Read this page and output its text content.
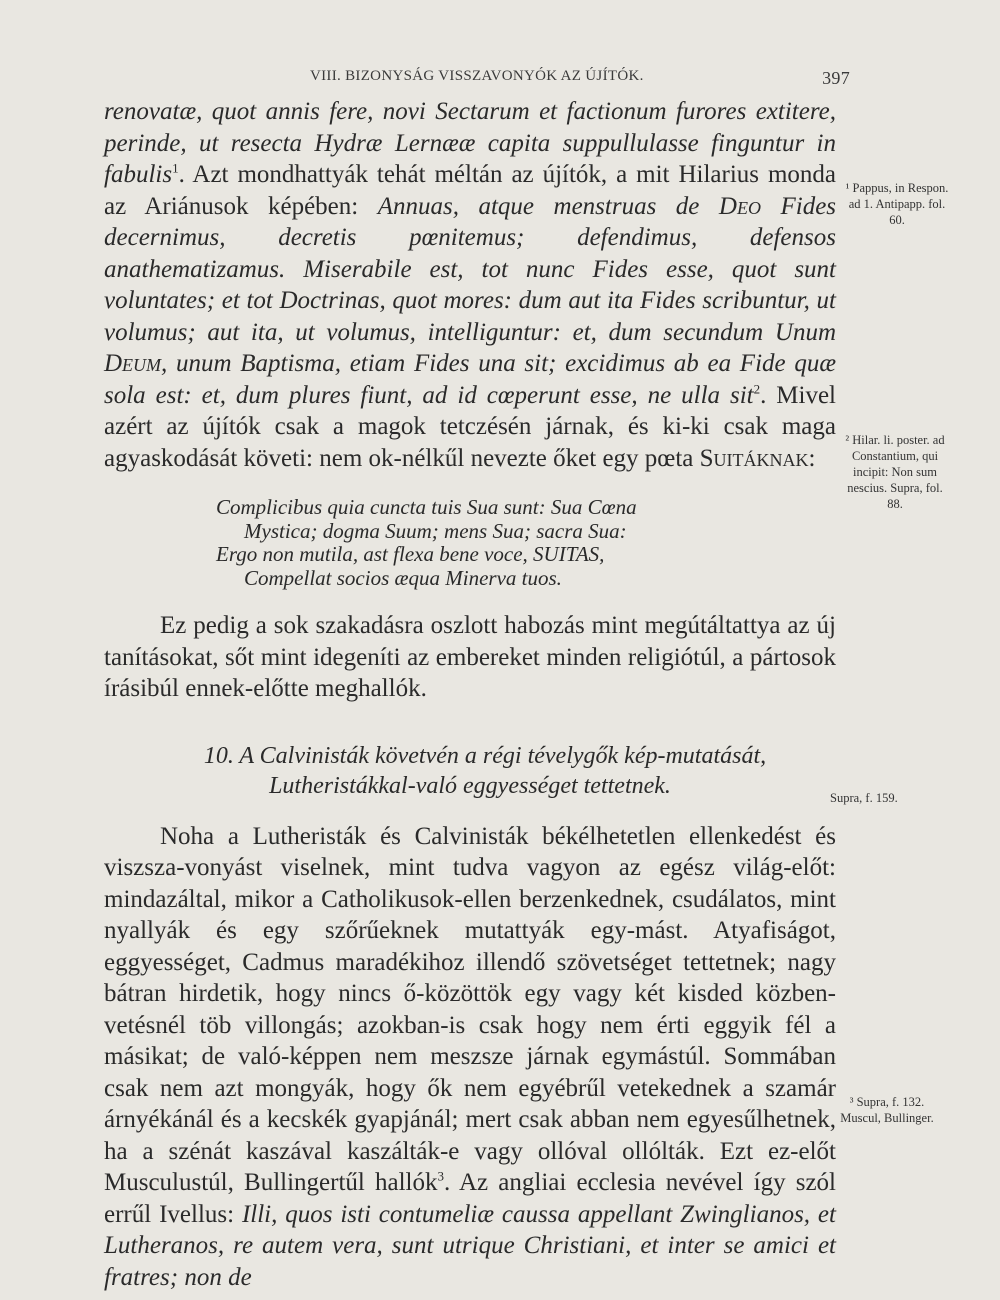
VIII. BIZONYSÁG VISSZAVONYÓK AZ ÚJÍTÓK.	397

renovatæ, quot annis fere, novi Sectarum et factionum furores extitere, perinde, ut resecta Hydræ Lernææ capita suppullulasse finguntur in fabulis$^1$. Azt mondhattyák tehát méltán az újítók, a mit Hilarius monda az Ariánusok képében: Annuas, atque menstruas de Deo Fides decernimus, decretis pœnitemus; defendimus, defensos anathematizamus. Miserabile est, tot nunc Fides esse, quot sunt voluntates; et tot Doctrinas, quot mores: dum aut ita Fides scribuntur, ut volumus; aut ita, ut volumus, intelliguntur: et, dum secundum Unum Deum, unum Baptisma, etiam Fides una sit; excidimus ab ea Fide quæ sola est: et, dum plures fiunt, ad id cœperunt esse, ne ulla sit$^2$. Mivel azért az újítók csak a magok tetczésén járnak, és ki-ki csak maga agyaskodását követi: nem ok-nélkűl nevezte őket egy pœta Suitáknak:

Complicibus quia cuncta tuis Sua sunt: Sua Cœna
Mystica; dogma Suum; mens Sua; sacra Sua:
Ergo non mutila, ast flexa bene voce, SUITAS,
Compellat socios æqua Minerva tuos.

Ez pedig a sok szakadásra oszlott habozás mint megútáltattya az új tanításokat, sőt mint idegeníti az embereket minden religiótúl, a pártosok írásibúl ennek-előtte meghallók.

10. A Calvinisták követvén a régi tévelygők kép-mutatását,
Lutheristákkal-való eggyességet tettetnek.

Noha a Lutheristák és Calvinisták békélhetetlen ellenkedést és viszsza-vonyást viselnek, mint tudva vagyon az egész világ-előt: mindazáltal, mikor a Catholikusok-ellen berzenkednek, csudálatos, mint nyallyák és egy szőrűeknek mutattyák egy-mást. Atyafiságot, eggyességet, Cadmus maradékihoz illendő szövetséget tettetnek; nagy bátran hirdetik, hogy nincs ő-közöttök egy vagy két kisded közben-vetésnél töb villongás; azokban-is csak hogy nem érti eggyik fél a másikat; de való-képpen nem meszsze járnak egymástúl. Sommában csak nem azt mongyák, hogy ők nem egyébrűl vetekednek a szamár árnyékánál és a kecskék gyapjánál; mert csak abban nem egyesűlhetnek, ha a szénát kaszával kaszálták-e vagy ollóval ollólták. Ezt ez-előt Musculustúl, Bullingertűl hallók$^3$. Az angliai ecclesia nevével így szól errűl Ivellus: Illi, quos isti contumeliæ caussa appellant Zwinglianos, et Lutheranos, re autem vera, sunt utrique Christiani, et inter se amici et fratres; non de

¹ Pappus, in Respon. ad 1. Antipapp. fol. 60.
² Hilar. li. poster. ad Constantium, qui incipit: Non sum nescius. Supra, fol. 88.
Supra, f. 159.
³ Supra, f. 132. Muscul, Bullinger.
